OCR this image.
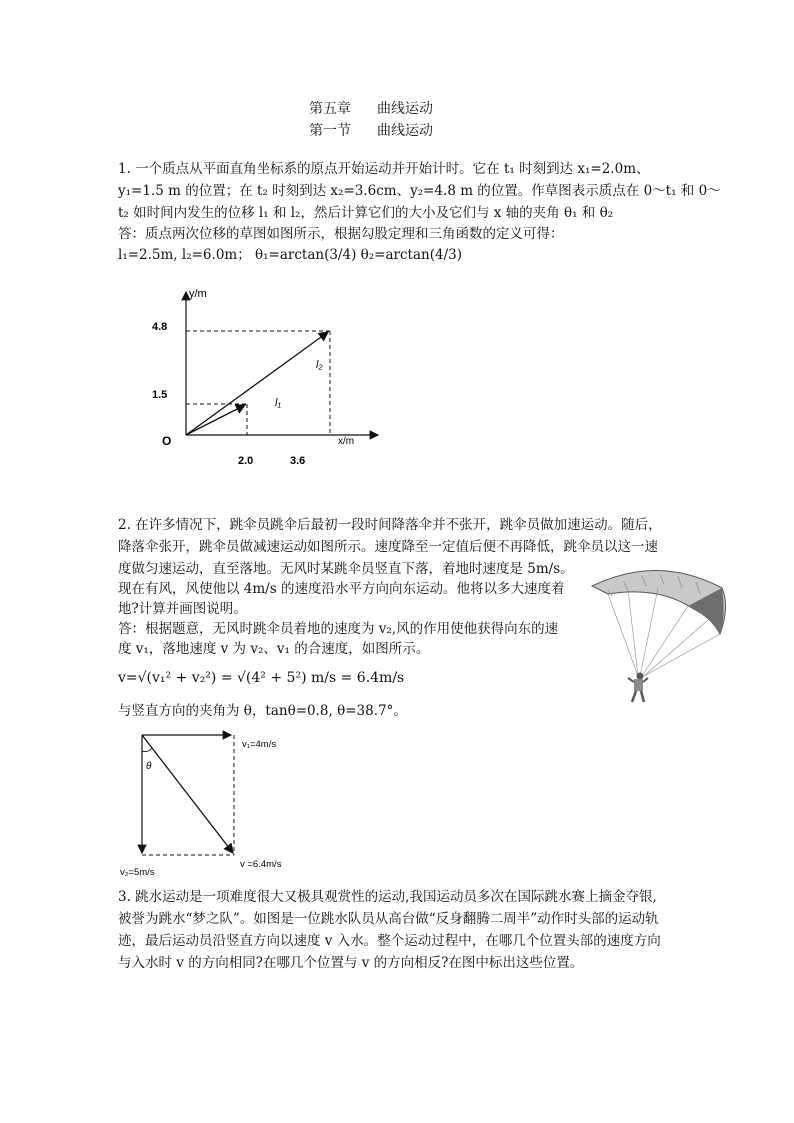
第五章 曲线运动
第一节 曲线运动
1. 一个质点从平面直角坐标系的原点开始运动并开始计时。它在 t₁ 时刻到达 x₁=2.0m、
y₁=1.5 m 的位置；在 t₂ 时刻到达 x₂=3.6cm、y₂=4.8 m 的位置。作草图表示质点在 0～t₁ 和 0～
t₂ 如时间内发生的位移 l₁ 和 l₂，然后计算它们的大小及它们与 x 轴的夹角 θ₁ 和 θ₂
答：质点两次位移的草图如图所示，根据勾股定理和三角函数的定义可得：
l₁=2.5m, l₂=6.0m； θ₁=arctan(3/4) θ₂=arctan(4/3)
y/m
x/m
O
4.8
1.5
2.0	3.6
l₁
l₂
2. 在许多情况下，跳伞员跳伞后最初一段时间降落伞并不张开，跳伞员做加速运动。随后，
降落伞张开，跳伞员做减速运动如图所示。速度降至一定值后便不再降低，跳伞员以这一速
度做匀速运动，直至落地。无风时某跳伞员竖直下落，着地时速度是 5m/s。
现在有风，风使他以 4m/s 的速度沿水平方向向东运动。他将以多大速度着
地?计算并画图说明。
答：根据题意，无风时跳伞员着地的速度为 v₂,风的作用使他获得向东的速
度 v₁，落地速度 v 为 v₂、v₁ 的合速度，如图所示。
v=√(v₁² + v₂²) = √(4² + 5²) m/s = 6.4m/s
与竖直方向的夹角为 θ，tanθ=0.8, θ=38.7°。
θ
v₁=4m/s
v₂=5m/s
v =6.4m/s
3. 跳水运动是一项难度很大又极具观赏性的运动,我国运动员多次在国际跳水赛上摘金夺银,
被誉为跳水“梦之队”。如图是一位跳水队员从高台做“反身翻腾二周半”动作时头部的运动轨
迹，最后运动员沿竖直方向以速度 v 入水。整个运动过程中，在哪几个位置头部的速度方向
与入水时 v 的方向相同?在哪几个位置与 v 的方向相反?在图中标出这些位置。
